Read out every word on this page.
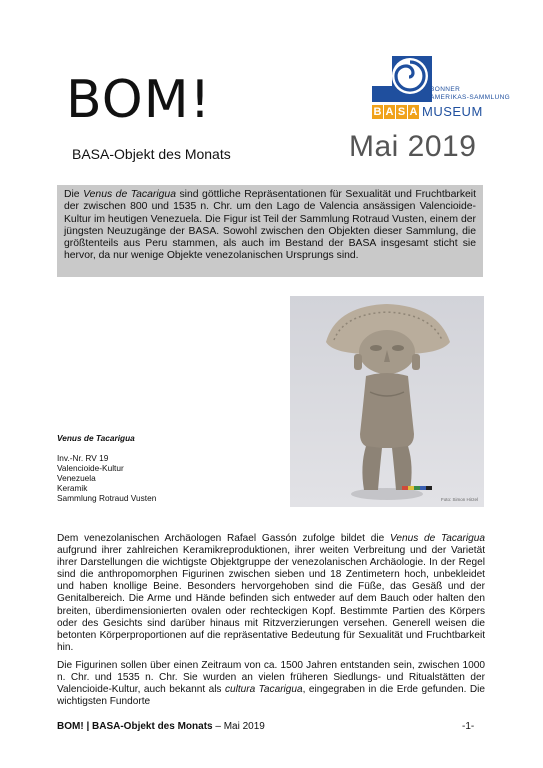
BOM!
BASA-Objekt des Monats
BONNER
AMERIKAS-SAMMLUNG
B A S A MUSEUM
Mai 2019
Die Venus de Tacarigua sind göttliche Repräsentationen für Sexualität und Fruchtbarkeit der zwischen 800 und 1535 n. Chr. um den Lago de Valencia ansässigen Valencioide-Kultur im heutigen Venezuela. Die Figur ist Teil der Sammlung Rotraud Vusten, einem der jüngsten Neuzugänge der BASA. Sowohl zwischen den Objekten dieser Sammlung, die größtenteils aus Peru stammen, als auch im Bestand der BASA insgesamt sticht sie hervor, da nur wenige Objekte venezolanischen Ursprungs sind.
Foto: Simon Hirzel
Venus de Tacarigua
Inv.-Nr. RV 19
Valencioide-Kultur
Venezuela
Keramik
Sammlung Rotraud Vusten

Dem venezolanischen Archäologen Rafael Gassón zufolge bildet die Venus de Tacarigua aufgrund ihrer zahlreichen Keramikreproduktionen, ihrer weiten Verbreitung und der Varietät ihrer Darstellungen die wichtigste Objektgruppe der venezolanischen Archäologie. In der Regel sind die anthropomorphen Figurinen zwischen sieben und 18 Zentimetern hoch, unbekleidet und haben knollige Beine. Besonders hervorgehoben sind die Füße, das Gesäß und der Genitalbereich. Die Arme und Hände befinden sich entweder auf dem Bauch oder halten den breiten, überdimensionierten ovalen oder rechteckigen Kopf. Bestimmte Partien des Körpers oder des Gesichts sind darüber hinaus mit Ritzverzierungen versehen. Generell weisen die betonten Körperproportionen auf die repräsentative Bedeutung für Sexualität und Fruchtbarkeit hin.

Die Figurinen sollen über einen Zeitraum von ca. 1500 Jahren entstanden sein, zwischen 1000 n. Chr. und 1535 n. Chr. Sie wurden an vielen früheren Siedlungs- und Ritualstätten der Valencioide-Kultur, auch bekannt als cultura Tacarigua, eingegraben in die Erde gefunden. Die wichtigsten Fundorte

BOM! | BASA-Objekt des Monats – Mai 2019	-1-
